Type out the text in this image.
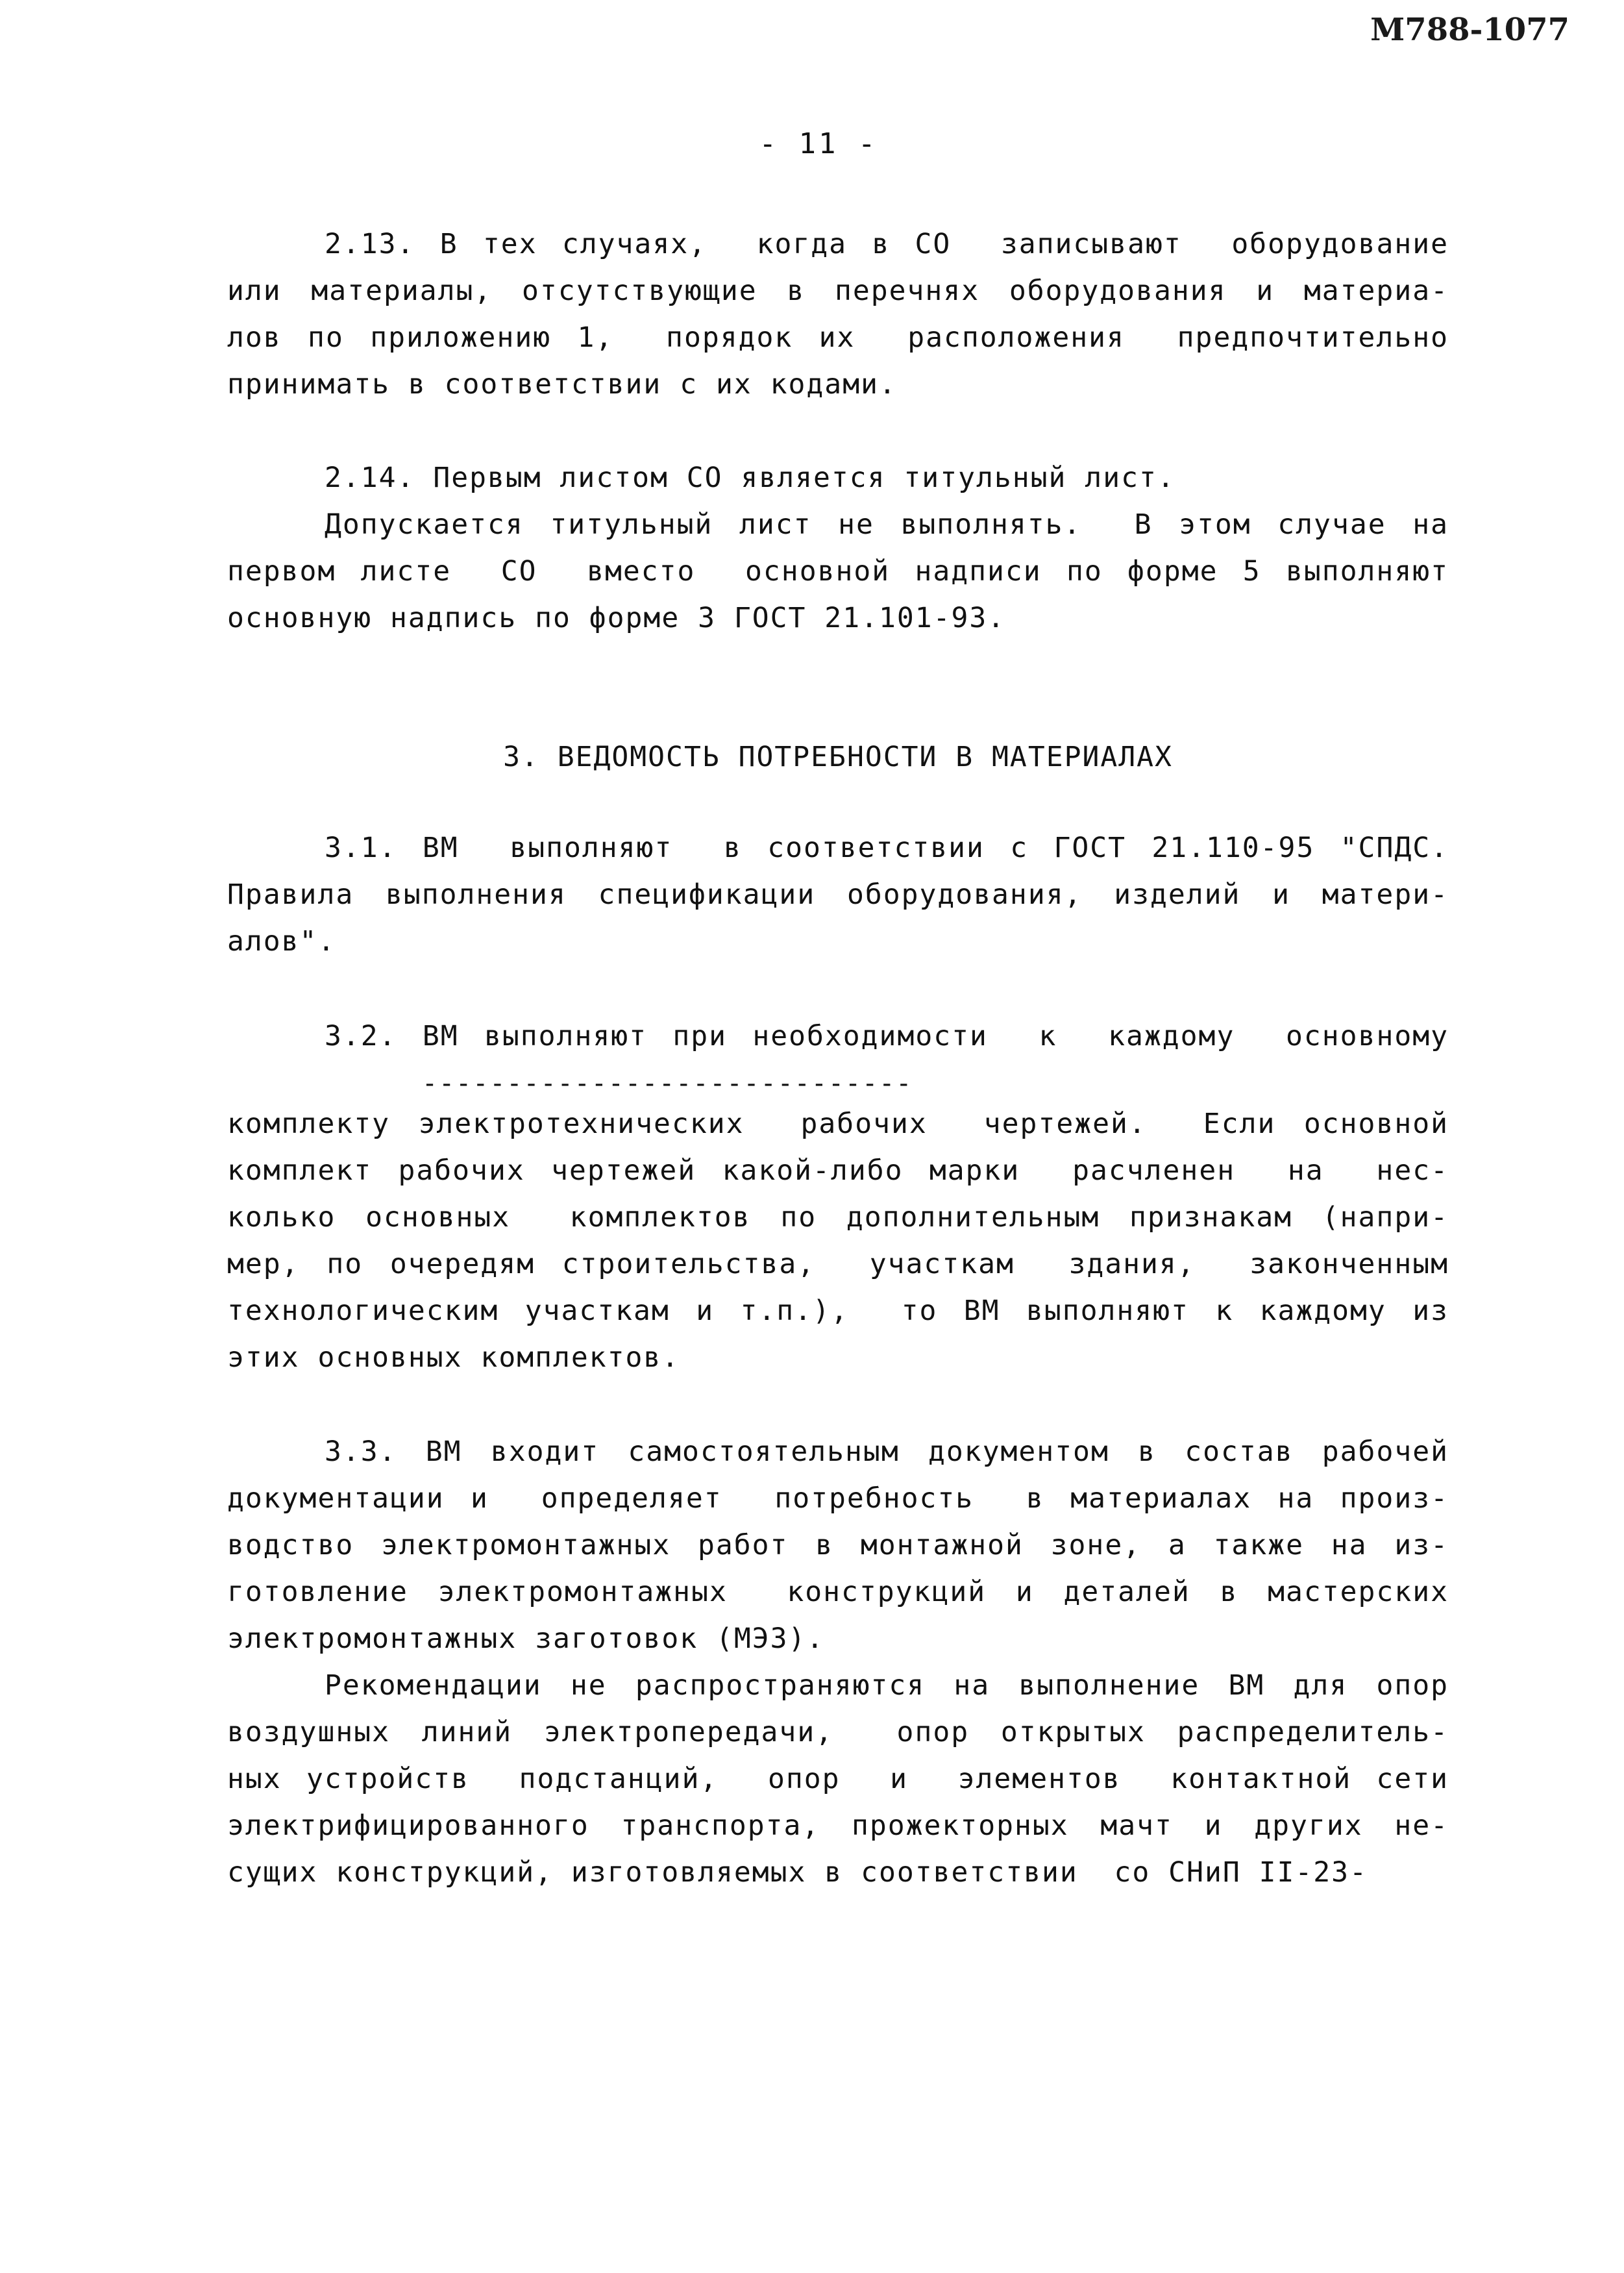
М788-1077
- 11 -
2.13. В тех случаях,  когда в СО  записывают  оборудование
или материалы, отсутствующие в перечнях оборудования и материа-
лов по приложению 1,  порядок их  расположения  предпочтительно
принимать в соответствии с их кодами.
2.14. Первым листом СО является титульный лист.
Допускается титульный лист не выполнять.  В этом случае на
первом листе  СО  вместо  основной надписи по форме 5 выполняют
основную надпись по форме 3 ГОСТ 21.101-93.
3. ВЕДОМОСТЬ ПОТРЕБНОСТИ В МАТЕРИАЛАХ
3.1. ВМ  выполняют  в соответствии с ГОСТ 21.110-95 "СПДС.
Правила выполнения спецификации оборудования, изделий и матери-
алов".
3.2. ВМ выполняют при необходимости  к  каждому  основному
-----------------------------
комплекту электротехнических  рабочих  чертежей.  Если основной
комплект рабочих чертежей какой-либо марки  расчленен  на  нес-
колько основных  комплектов по дополнительным признакам (напри-
мер, по очередям строительства,  участкам  здания,  законченным
технологическим участкам и т.п.),  то ВМ выполняют к каждому из
этих основных комплектов.
3.3. ВМ входит самостоятельным документом в состав рабочей
документации и  определяет  потребность  в материалах на произ-
водство электромонтажных работ в монтажной зоне, а также на из-
готовление электромонтажных  конструкций и деталей в мастерских
электромонтажных заготовок (МЭЗ).
Рекомендации не распространяются на выполнение ВМ для опор
воздушных линий электропередачи,  опор открытых распределитель-
ных устройств  подстанций,  опор  и  элементов  контактной сети
электрифицированного транспорта, прожекторных мачт и других не-
сущих конструкций, изготовляемых в соответствии  со СНиП II-23-
